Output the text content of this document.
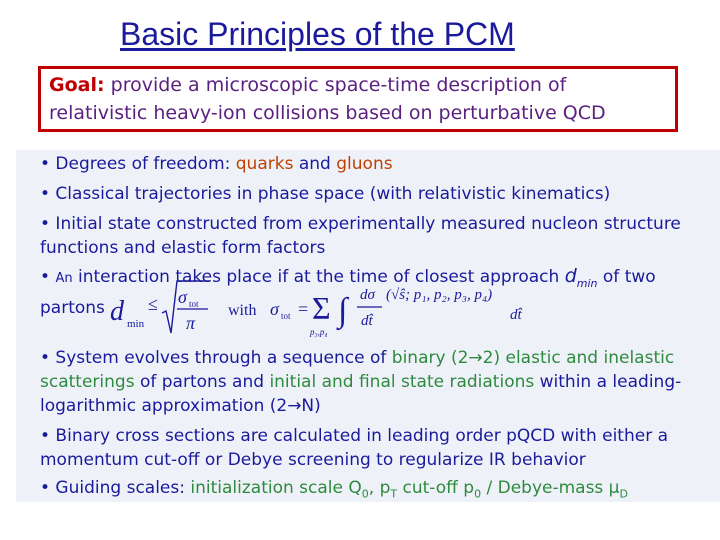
Basic Principles of the PCM
Goal: provide a microscopic space-time description of
relativistic heavy-ion collisions based on perturbative QCD
• Degrees of freedom: quarks and gluons
• Classical trajectories in phase space (with relativistic kinematics)
• Initial state constructed from experimentally measured nucleon structure
functions and elastic form factors
• An interaction takes place if at the time of closest approach $d_{min}$ of two
partons
• System evolves through a sequence of binary (2→2) elastic and inelastic
scatterings of partons and initial and final state radiations within a leading-
logarithmic approximation (2→N)
• Binary cross sections are calculated in leading order pQCD with either a
momentum cut-off or Debye screening to regularize IR behavior
• Guiding scales: initialization scale $Q_0$, $p_T$ cut-off $p_0$ / Debye-mass $\mu_D$
d min
≤ σ tot
π
with σ tot = Σ
p₃,p₄
∫ dσ
dt̂
(√ŝ; p₁, p₂, p₃, p₄)
dt̂
